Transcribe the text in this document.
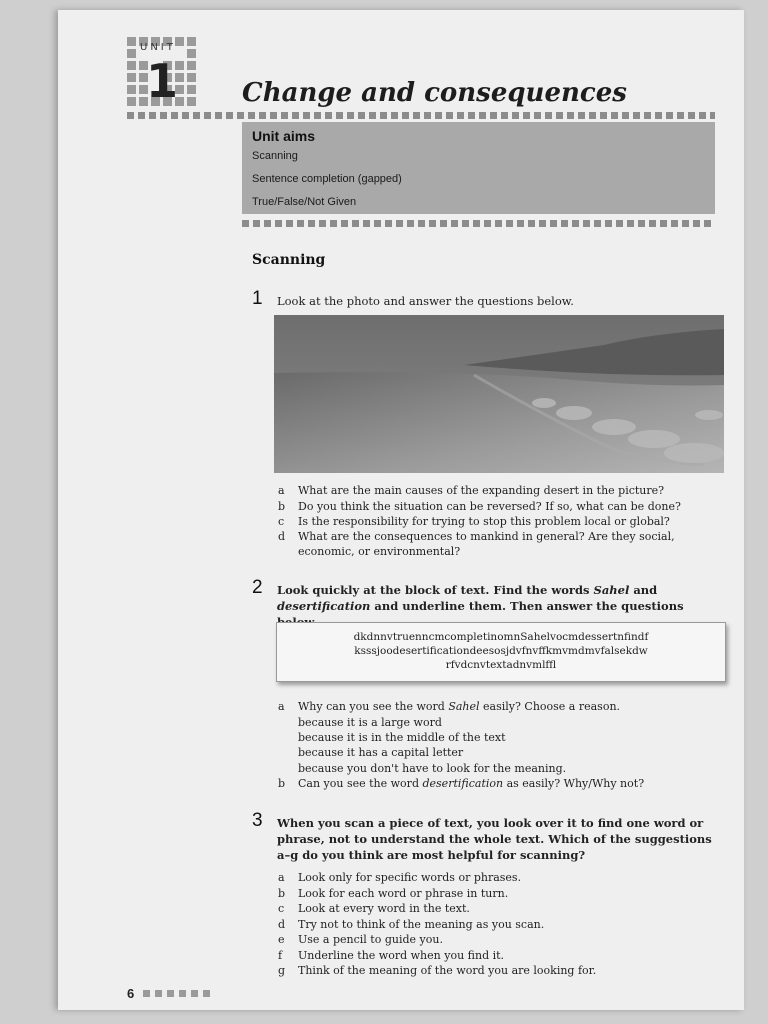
UNIT
1 Change and consequences

Unit aims
Scanning
Sentence completion (gapped)
True/False/Not Given
Scanning
1 Look at the photo and answer the questions below.
a What are the main causes of the expanding desert in the picture?
b Do you think the situation can be reversed? If so, what can be done?
c Is the responsibility for trying to stop this problem local or global?
d What are the consequences to mankind in general? Are they social, economic, or environmental?
2 Look quickly at the block of text. Find the words Sahel and desertification and underline them. Then answer the questions
dkdnnvtruenncmcompletinomnSahelvocmdessertnfindf
ksssjoodesertificationdeesosjdvfnvffkmvmdmvfalsekdw
rfvdcnvtextadnvmlffl
a Why can you see the word Sahel easily? Choose a reason.
because it is a large word
because it is in the middle of the text
because it has a capital letter
because you don't have to look for the meaning.
b Can you see the word desertification as easily? Why/Why not?
3 When you scan a piece of text, you look over it to find one word or phrase, not to understand the whole text. Which of the suggestions a–g do you think are most helpful for scanning?
a Look only for specific words or phrases.
b Look for each word or phrase in turn.
c Look at every word in the text.
d Try not to think of the meaning as you scan.
e Use a pencil to guide you.
f Underline the word when you find it.
g Think of the meaning of the word you are looking for.
6
